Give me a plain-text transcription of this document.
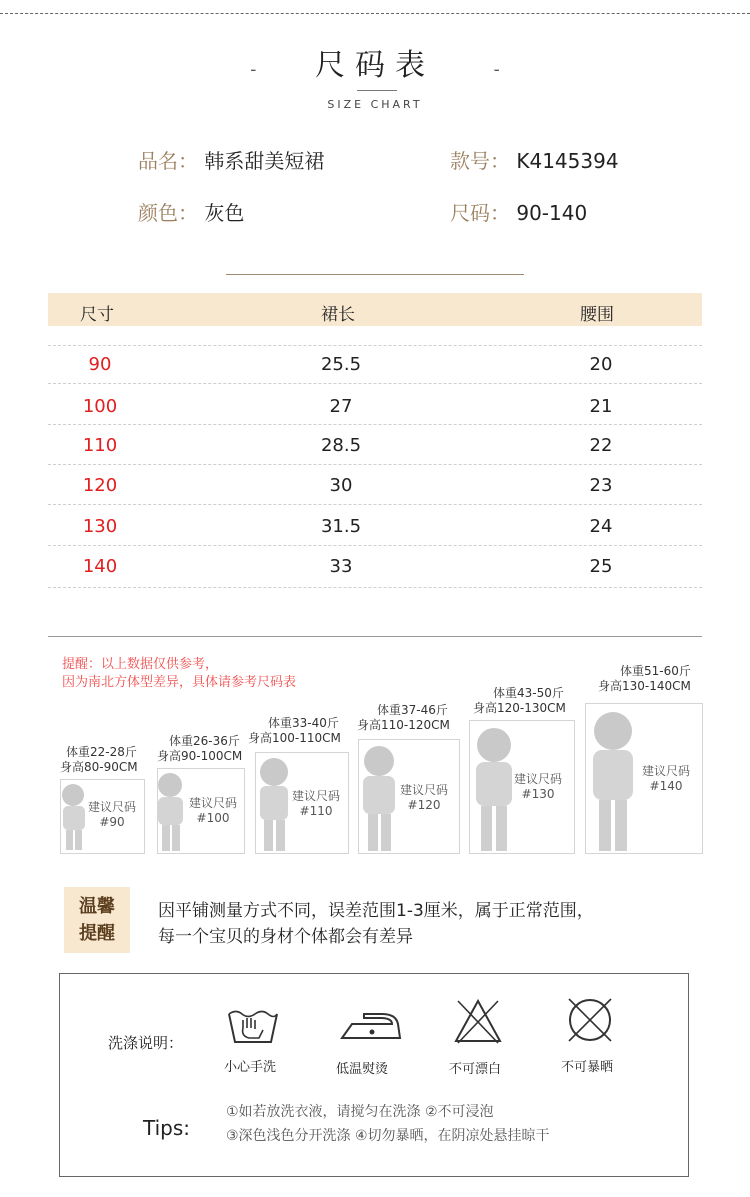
- 尺码表	-
SIZE CHART
品名： 韩系甜美短裙	款号： K4145394
颜色： 灰色	尺码： 90-140
尺寸	裙长	腰围
90	25.5	20
100	27	21
110	28.5	22
120	30	23
130	31.5	24
140	33	25
提醒：以上数据仅供参考，
因为南北方体型差异，具体请参考尺码表
体重22-28斤
身高80-90CM
建议尺码
#90
体重26-36斤
身高90-100CM
建议尺码
#100
体重33-40斤
身高100-110CM
建议尺码
#110
体重37-46斤
身高110-120CM
建议尺码
#120
体重43-50斤
身高120-130CM
建议尺码
#130
体重51-60斤
身高130-140CM
建议尺码
#140
温馨
提醒
因平铺测量方式不同，误差范围1-3厘米，属于正常范围，
每一个宝贝的身材个体都会有差异
洗涤说明：
小心手洗	低温熨烫	不可漂白	不可暴晒
Tips:
①如若放洗衣液，请搅匀在洗涤 ②不可浸泡
③深色浅色分开洗涤 ④切勿暴晒，在阴凉处悬挂晾干
